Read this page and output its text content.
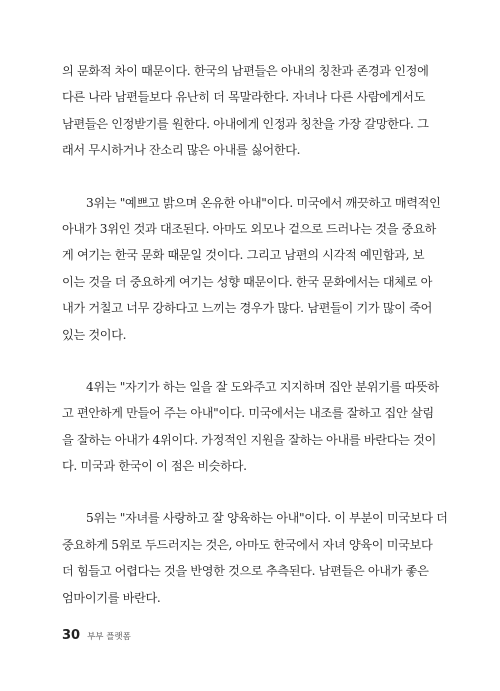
의 문화적 차이 때문이다. 한국의 남편들은 아내의 칭찬과 존경과 인정에
다른 나라 남편들보다 유난히 더 목말라한다. 자녀나 다른 사람에게서도
남편들은 인정받기를 원한다. 아내에게 인정과 칭찬을 가장 갈망한다. 그
래서 무시하거나 잔소리 많은 아내를 싫어한다.
3위는 "예쁘고 밝으며 온유한 아내"이다. 미국에서 깨끗하고 매력적인
아내가 3위인 것과 대조된다. 아마도 외모나 겉으로 드러나는 것을 중요하
게 여기는 한국 문화 때문일 것이다. 그리고 남편의 시각적 예민함과, 보
이는 것을 더 중요하게 여기는 성향 때문이다. 한국 문화에서는 대체로 아
내가 거칠고 너무 강하다고 느끼는 경우가 많다. 남편들이 기가 많이 죽어
있는 것이다.
4위는 "자기가 하는 일을 잘 도와주고 지지하며 집안 분위기를 따뜻하
고 편안하게 만들어 주는 아내"이다. 미국에서는 내조를 잘하고 집안 살림
을 잘하는 아내가 4위이다. 가정적인 지원을 잘하는 아내를 바란다는 것이
다. 미국과 한국이 이 점은 비슷하다.
5위는 "자녀를 사랑하고 잘 양육하는 아내"이다. 이 부분이 미국보다 더
중요하게 5위로 두드러지는 것은, 아마도 한국에서 자녀 양육이 미국보다
더 힘들고 어렵다는 것을 반영한 것으로 추측된다. 남편들은 아내가 좋은
엄마이기를 바란다.
30 부부 플랫폼
